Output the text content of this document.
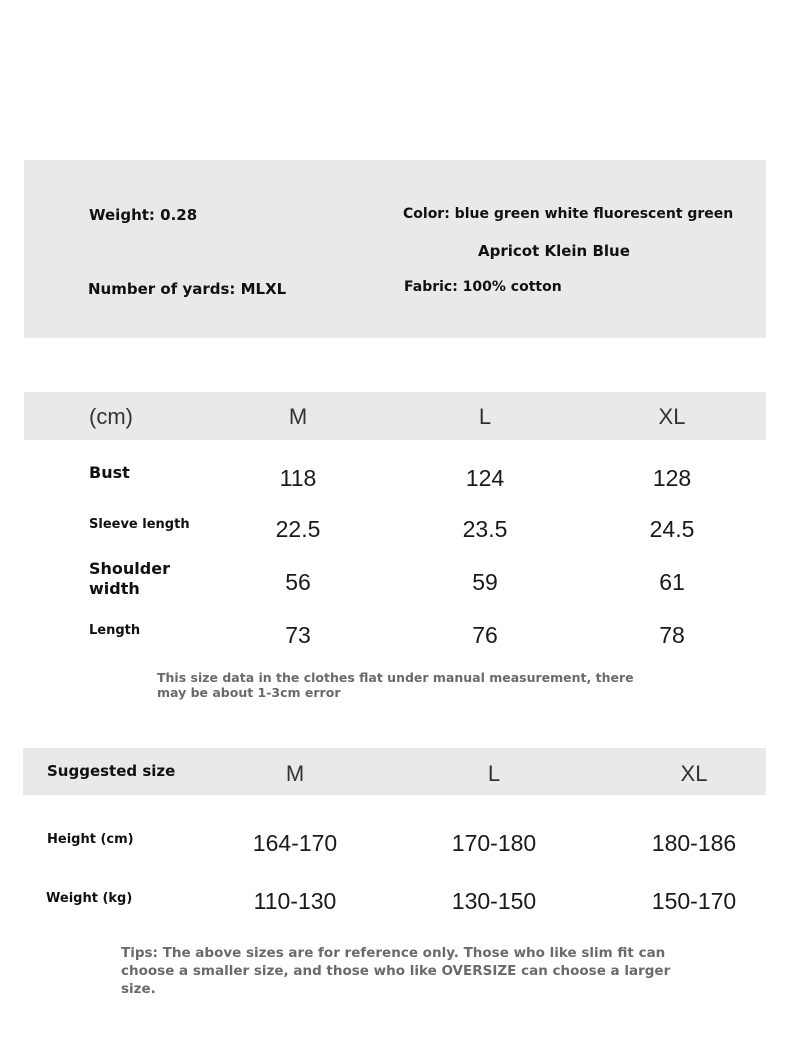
Weight: 0.28
Number of yards: MLXL
Color: blue green white fluorescent green
Apricot Klein Blue
Fabric: 100% cotton
(cm)	M	L	XL
Bust	118	124	128
Sleeve length	22.5	23.5	24.5
Shoulder width	56	59	61
Length	73	76	78
This size data in the clothes flat under manual measurement, there may be about 1-3cm error
Suggested size	M	L	XL
Height (cm)	164-170	170-180	180-186
Weight (kg)	110-130	130-150	150-170
Tips: The above sizes are for reference only. Those who like slim fit can choose a smaller size, and those who like OVERSIZE can choose a larger size.
